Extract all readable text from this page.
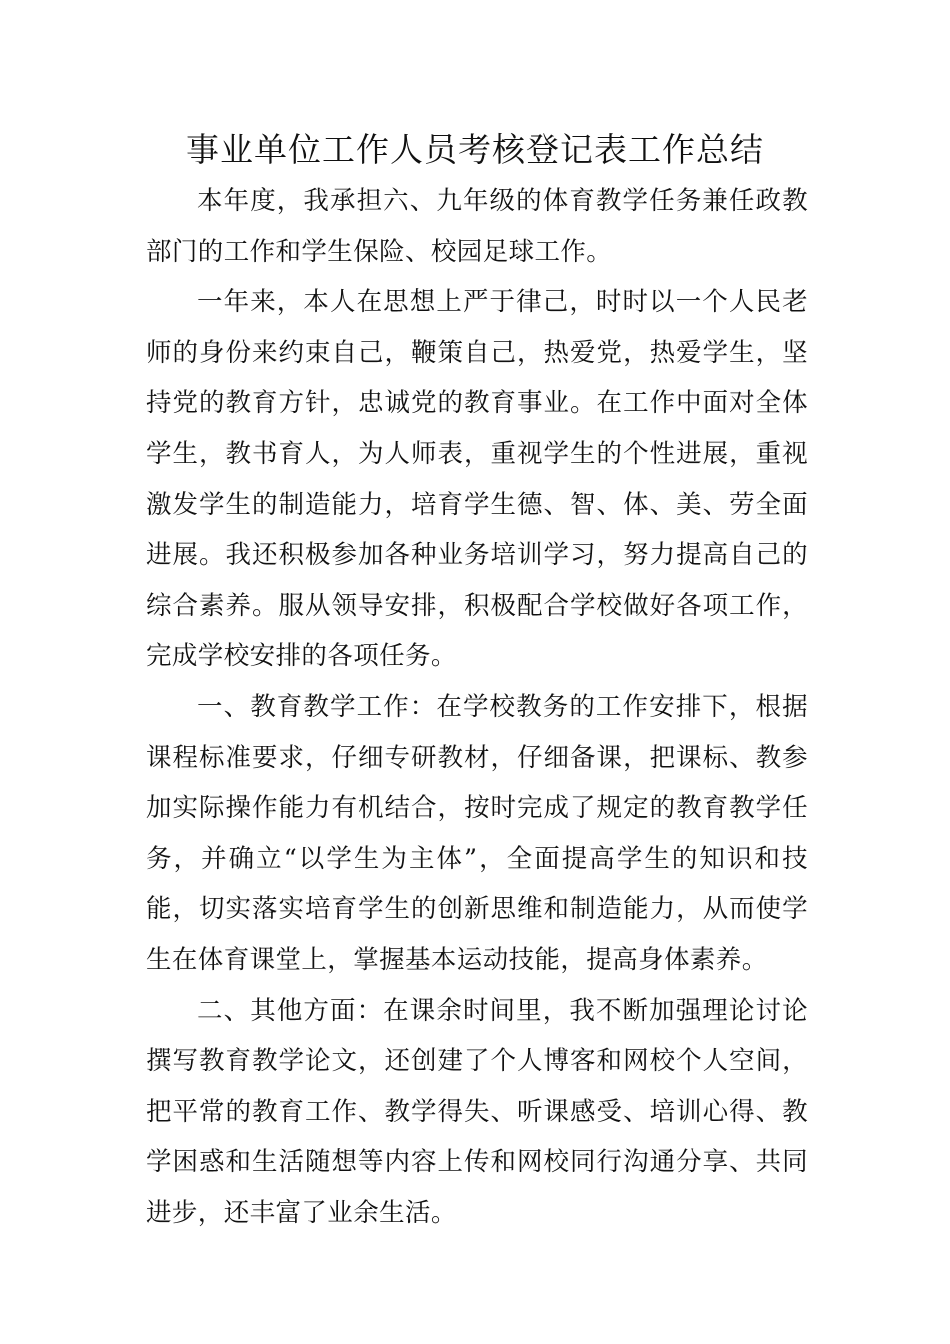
事业单位工作人员考核登记表工作总结

本年度，我承担六、九年级的体育教学任务兼任政教部门的工作和学生保险、校园足球工作。

一年来，本人在思想上严于律己，时时以一个人民老师的身份来约束自己，鞭策自己，热爱党，热爱学生，坚持党的教育方针，忠诚党的教育事业。在工作中面对全体学生，教书育人，为人师表，重视学生的个性进展，重视激发学生的制造能力，培育学生德、智、体、美、劳全面进展。我还积极参加各种业务培训学习，努力提高自己的综合素养。服从领导安排，积极配合学校做好各项工作，完成学校安排的各项任务。

一、教育教学工作：在学校教务的工作安排下，根据课程标准要求，仔细专研教材，仔细备课，把课标、教参加实际操作能力有机结合，按时完成了规定的教育教学任务，并确立“以学生为主体”，全面提高学生的知识和技能，切实落实培育学生的创新思维和制造能力，从而使学生在体育课堂上，掌握基本运动技能，提高身体素养。

二、其他方面：在课余时间里，我不断加强理论讨论撰写教育教学论文，还创建了个人博客和网校个人空间，把平常的教育工作、教学得失、听课感受、培训心得、教学困惑和生活随想等内容上传和网校同行沟通分享、共同进步，还丰富了业余生活。
